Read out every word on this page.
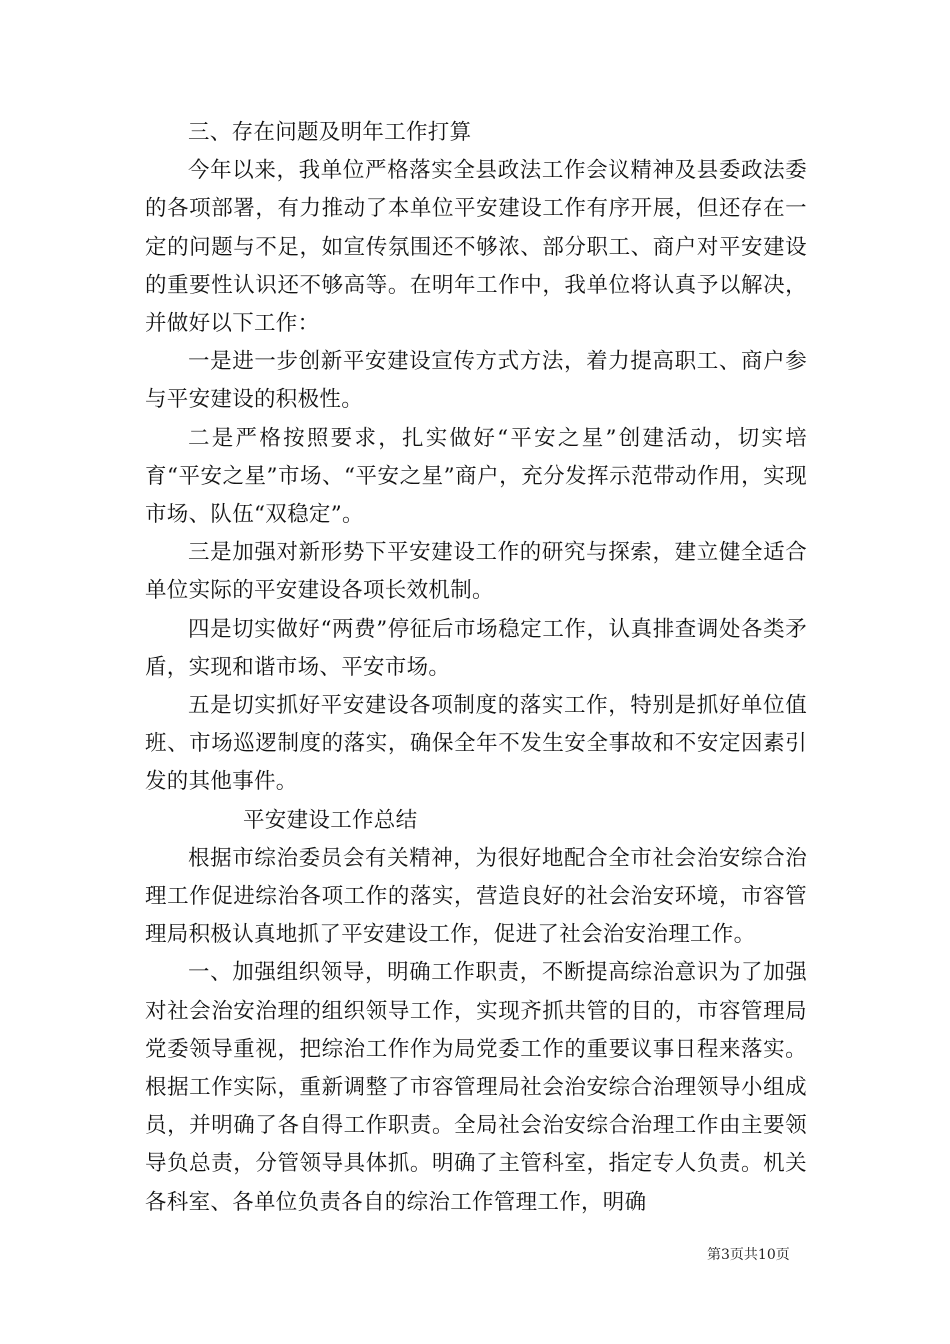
三、存在问题及明年工作打算

今年以来，我单位严格落实全县政法工作会议精神及县委政法委的各项部署，有力推动了本单位平安建设工作有序开展，但还存在一定的问题与不足，如宣传氛围还不够浓、部分职工、商户对平安建设的重要性认识还不够高等。在明年工作中，我单位将认真予以解决，并做好以下工作：

一是进一步创新平安建设宣传方式方法，着力提高职工、商户参与平安建设的积极性。

二是严格按照要求，扎实做好“平安之星”创建活动，切实培育“平安之星”市场、“平安之星”商户，充分发挥示范带动作用，实现市场、队伍“双稳定”。

三是加强对新形势下平安建设工作的研究与探索，建立健全适合单位实际的平安建设各项长效机制。

四是切实做好“两费”停征后市场稳定工作，认真排查调处各类矛盾，实现和谐市场、平安市场。

五是切实抓好平安建设各项制度的落实工作，特别是抓好单位值班、市场巡逻制度的落实，确保全年不发生安全事故和不安定因素引发的其他事件。

平安建设工作总结

根据市综治委员会有关精神，为很好地配合全市社会治安综合治理工作促进综治各项工作的落实，营造良好的社会治安环境，市容管理局积极认真地抓了平安建设工作，促进了社会治安治理工作。

一、加强组织领导，明确工作职责，不断提高综治意识为了加强对社会治安治理的组织领导工作，实现齐抓共管的目的，市容管理局党委领导重视，把综治工作作为局党委工作的重要议事日程来落实。根据工作实际，重新调整了市容管理局社会治安综合治理领导小组成员，并明确了各自得工作职责。全局社会治安综合治理工作由主要领导负总责，分管领导具体抓。明确了主管科室，指定专人负责。机关各科室、各单位负责各自的综治工作管理工作，明确

第3页共10页
